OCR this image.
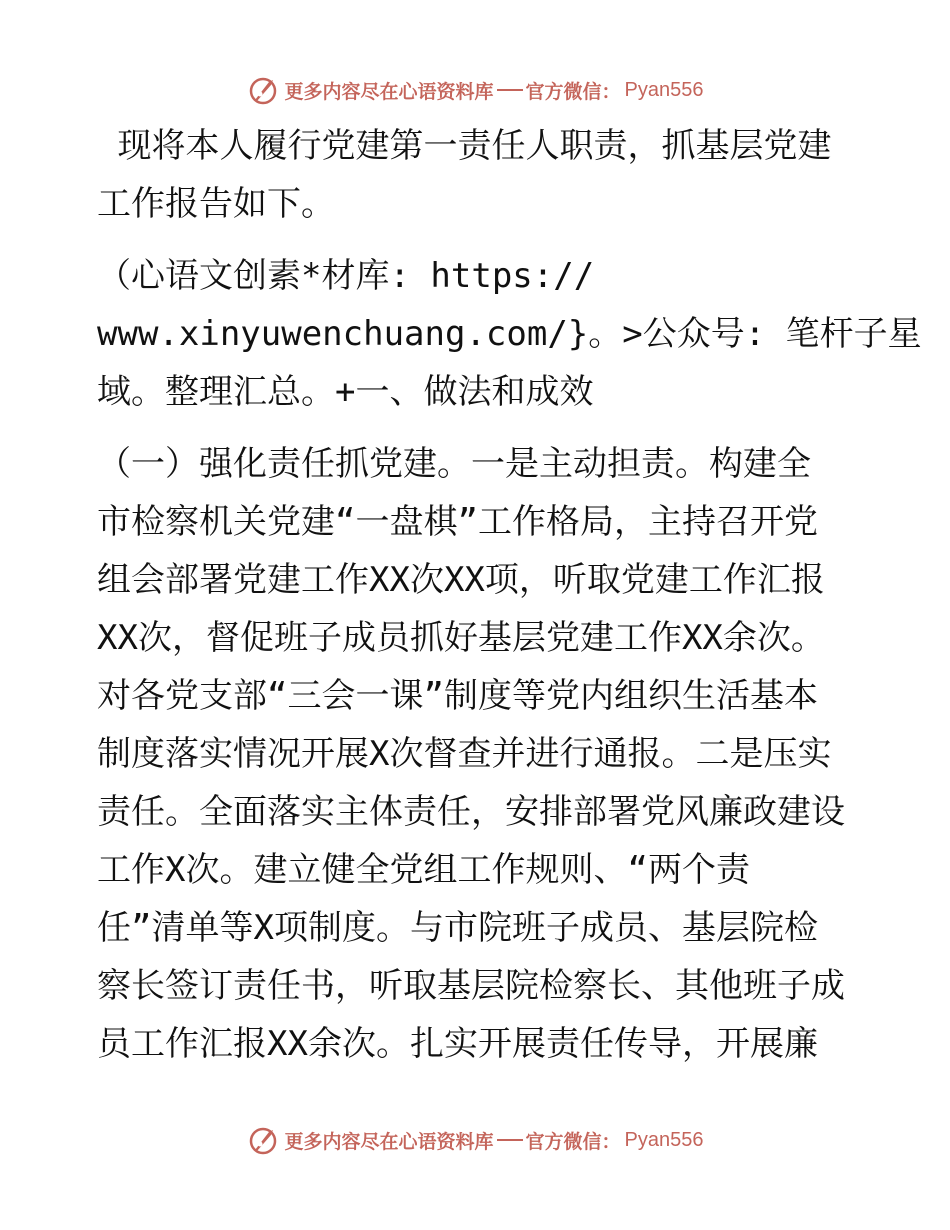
更多内容尽在心语资料库 官方微信： Pyan556
现将本人履行党建第一责任人职责，抓基层党建
工作报告如下。
（心语文创素*材库: https://
www.xinyuwenchuang.com/}。>公众号: 笔杆子星
域。整理汇总。+一、做法和成效
（一）强化责任抓党建。一是主动担责。构建全
市检察机关党建“一盘棋”工作格局，主持召开党
组会部署党建工作XX次XX项，听取党建工作汇报
XX次，督促班子成员抓好基层党建工作XX余次。
对各党支部“三会一课”制度等党内组织生活基本
制度落实情况开展X次督查并进行通报。二是压实
责任。全面落实主体责任，安排部署党风廉政建设
工作X次。建立健全党组工作规则、“两个责
任”清单等X项制度。与市院班子成员、基层院检
察长签订责任书，听取基层院检察长、其他班子成
员工作汇报XX余次。扎实开展责任传导，开展廉
更多内容尽在心语资料库 官方微信： Pyan556
